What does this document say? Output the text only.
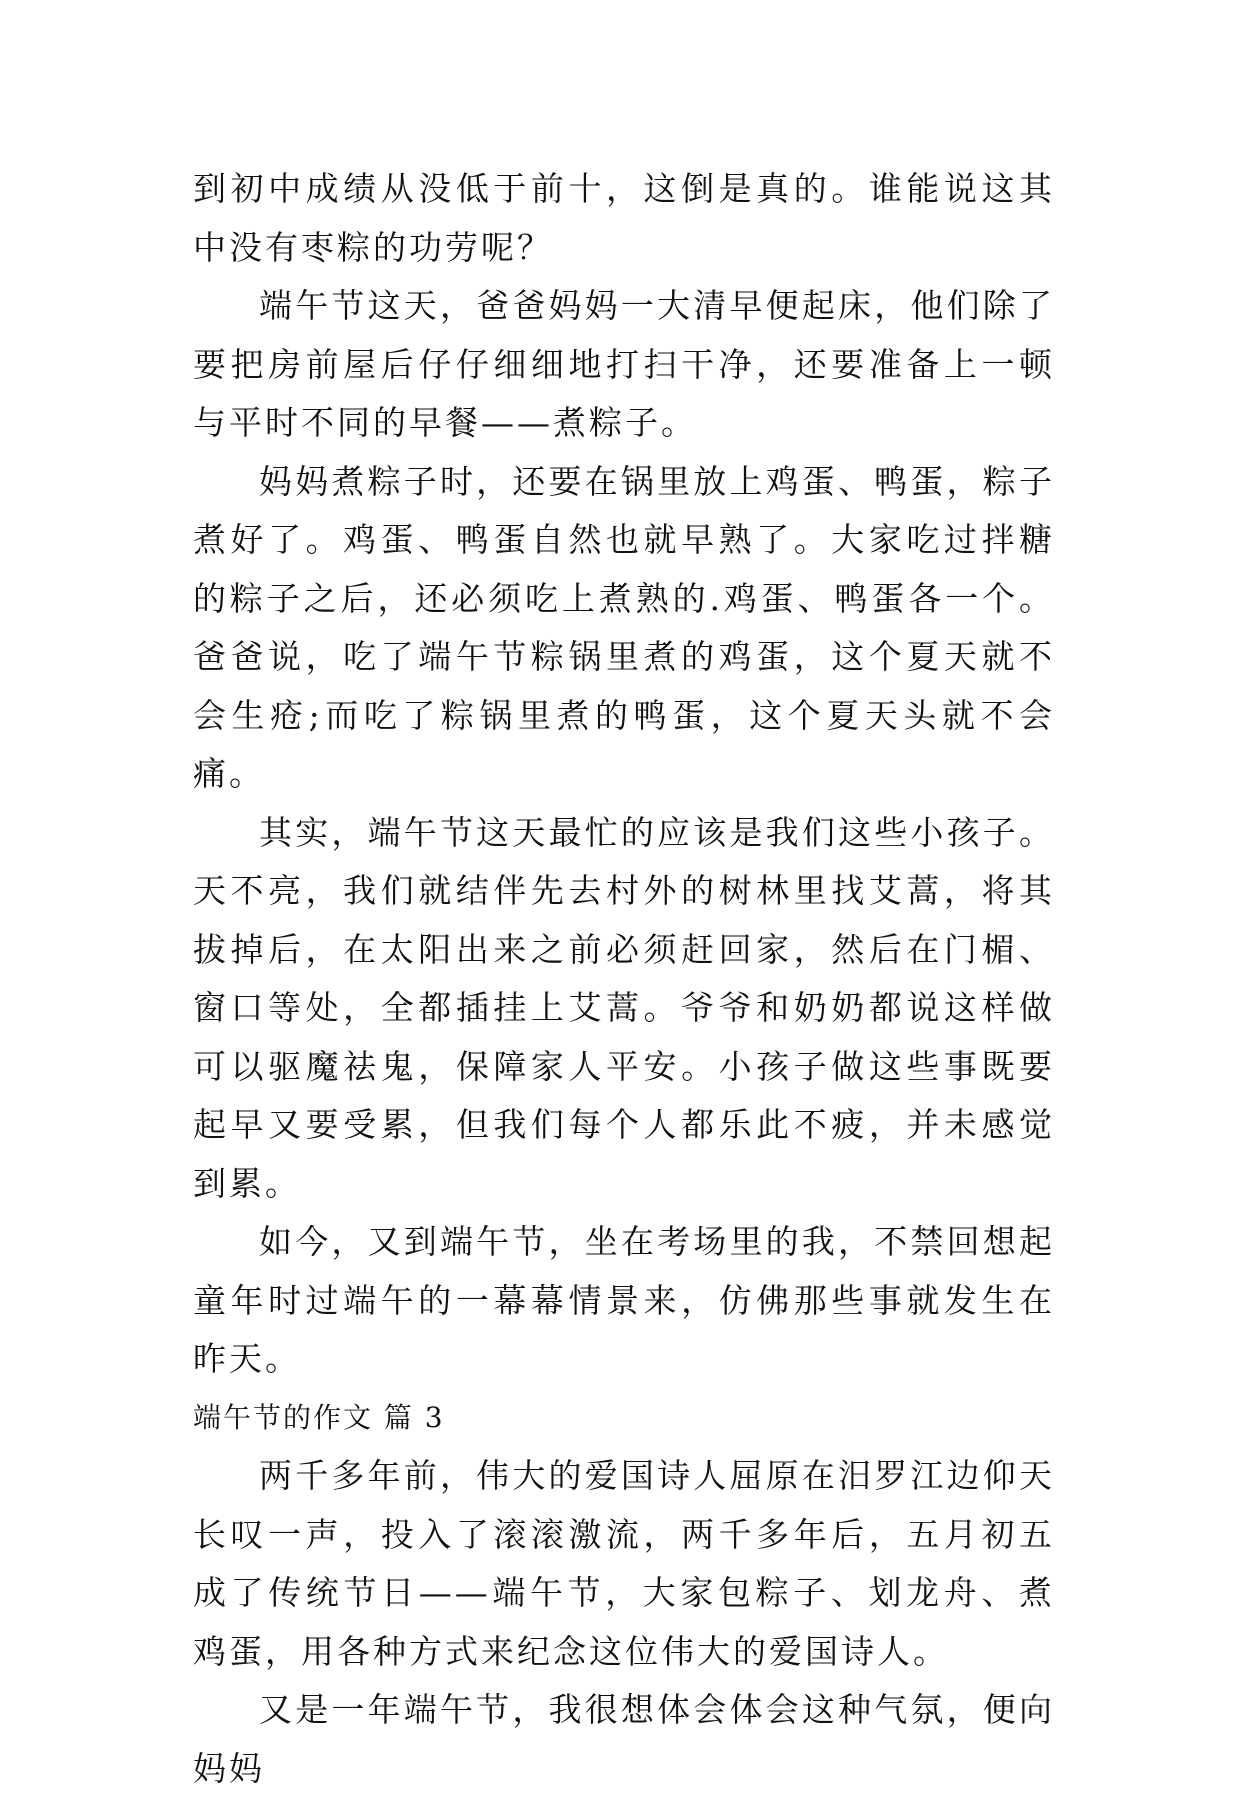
到初中成绩从没低于前十，这倒是真的。谁能说这其中没有枣粽的功劳呢？

端午节这天，爸爸妈妈一大清早便起床，他们除了要把房前屋后仔仔细细地打扫干净，还要准备上一顿与平时不同的早餐——煮粽子。

妈妈煮粽子时，还要在锅里放上鸡蛋、鸭蛋，粽子煮好了。鸡蛋、鸭蛋自然也就早熟了。大家吃过拌糖的粽子之后，还必须吃上煮熟的.鸡蛋、鸭蛋各一个。爸爸说，吃了端午节粽锅里煮的鸡蛋，这个夏天就不会生疮;而吃了粽锅里煮的鸭蛋，这个夏天头就不会痛。

其实，端午节这天最忙的应该是我们这些小孩子。天不亮，我们就结伴先去村外的树林里找艾蒿，将其拔掉后，在太阳出来之前必须赶回家，然后在门楣、窗口等处，全都插挂上艾蒿。爷爷和奶奶都说这样做可以驱魔祛鬼，保障家人平安。小孩子做这些事既要起早又要受累，但我们每个人都乐此不疲，并未感觉到累。

如今，又到端午节，坐在考场里的我，不禁回想起童年时过端午的一幕幕情景来，仿佛那些事就发生在昨天。

端午节的作文 篇 3

两千多年前，伟大的爱国诗人屈原在汨罗江边仰天长叹一声，投入了滚滚激流，两千多年后，五月初五成了传统节日——端午节，大家包粽子、划龙舟、煮鸡蛋，用各种方式来纪念这位伟大的爱国诗人。

又是一年端午节，我很想体会体会这种气氛，便向妈妈
